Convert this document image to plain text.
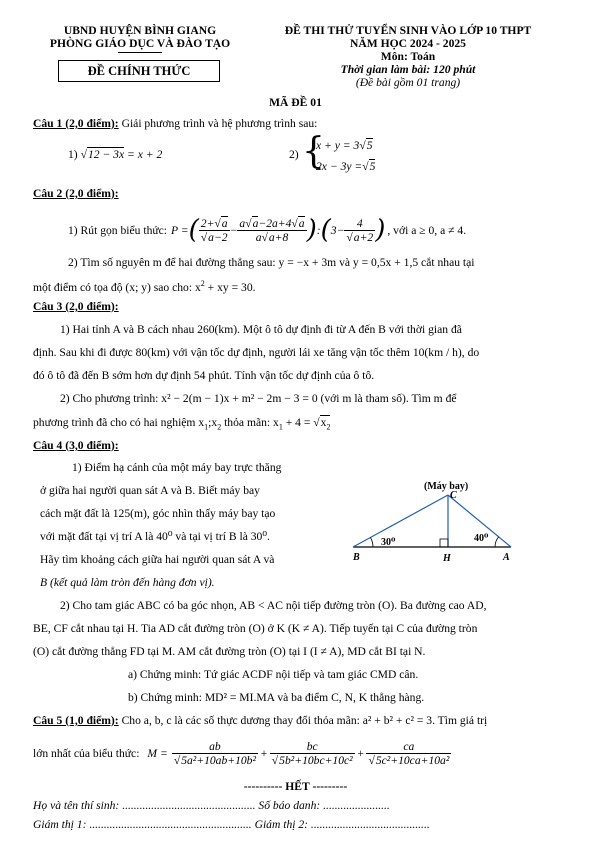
UBND HUYỆN BÌNH GIANG
PHÒNG GIÁO DỤC VÀ ĐÀO TẠO
ĐỀ CHÍNH THỨC
ĐỀ THI THỬ TUYỂN SINH VÀO LỚP 10 THPT
NĂM HỌC 2024 - 2025
Môn: Toán
Thời gian làm bài: 120 phút
(Đề bài gồm 01 trang)
MÃ ĐỀ 01
Câu 1 (2,0 điểm): Giải phương trình và hệ phương trình sau:
1) √12 − 3x = x + 2	2) {
x + y = 3√5
2x − 3y =√5
Câu 2 (2,0 điểm):
1) Rút gọn biểu thức: P = ( $\frac{2+√a}{√a-2} - \frac{a√a-2a+4√a}{a√a+8}$ ) : ( $3- \frac{4}{√a+2}$ ) , với a ≥ 0, a ≠ 4.
2) Tìm số nguyên m để hai đường thẳng sau: y = −x + 3m và y = 0,5x + 1,5 cắt nhau tại
một điểm có tọa độ (x; y) sao cho: $x^2$ + xy = 30.
Câu 3 (2,0 điểm):
1) Hai tỉnh A và B cách nhau 260(km). Một ô tô dự định đi từ A đến B với thời gian đã
định. Sau khi đi được 80(km) với vận tốc dự định, người lái xe tăng vận tốc thêm 10(km / h), do
đó ô tô đã đến B sớm hơn dự định 54 phút. Tính vận tốc dự định của ô tô.
2) Cho phương trình: x² − 2(m − 1)x + m² − 2m − 3 = 0 (với m là tham số). Tìm m để
phương trình đã cho có hai nghiệm $x_1;x_2$ thỏa mãn: $x_1 + 4 = √x_2$
Câu 4 (3,0 điểm):
1) Điểm hạ cánh của một máy bay trực thăng
ở giữa hai người quan sát A và B. Biết máy bay
cách mặt đất là 125(m), góc nhìn thấy máy bay tạo
với mặt đất tại vị trí A là 40⁰ và tại vị trí B là 30⁰.
Hãy tìm khoảng cách giữa hai người quan sát A và
B (kết quả làm tròn đến hàng đơn vị).
(Máy bay)
C
B	H	A
30⁰	40⁰
2) Cho tam giác ABC có ba góc nhọn, AB < AC nội tiếp đường tròn (O). Ba đường cao AD,
BE, CF cắt nhau tại H. Tia AD cắt đường tròn (O) ở K (K ≠ A). Tiếp tuyến tại C của đường tròn
(O) cắt đường thẳng FD tại M. AM cắt đường tròn (O) tại I (I ≠ A), MD cắt BI tại N.
a) Chứng minh: Tứ giác ACDF nội tiếp và tam giác CMD cân.
b) Chứng minh: MD² = MI.MA và ba điểm C, N, K thẳng hàng.
Câu 5 (1,0 điểm): Cho a, b, c là các số thực dương thay đổi thỏa mãn: a² + b² + c² = 3. Tìm giá trị
lớn nhất của biểu thức: $M = \frac{ab}{\text{√5a²+10ab+10b²}} + \frac{bc}{\text{√5b²+10bc+10c²}} + \frac{ca}{\text{√5c²+10ca+10a²}}$
---------- HẾT ---------
Họ và tên thí sinh: .............................................. Số báo danh: .......................
Giám thị 1: ........................................................ Giám thị 2: .........................................
